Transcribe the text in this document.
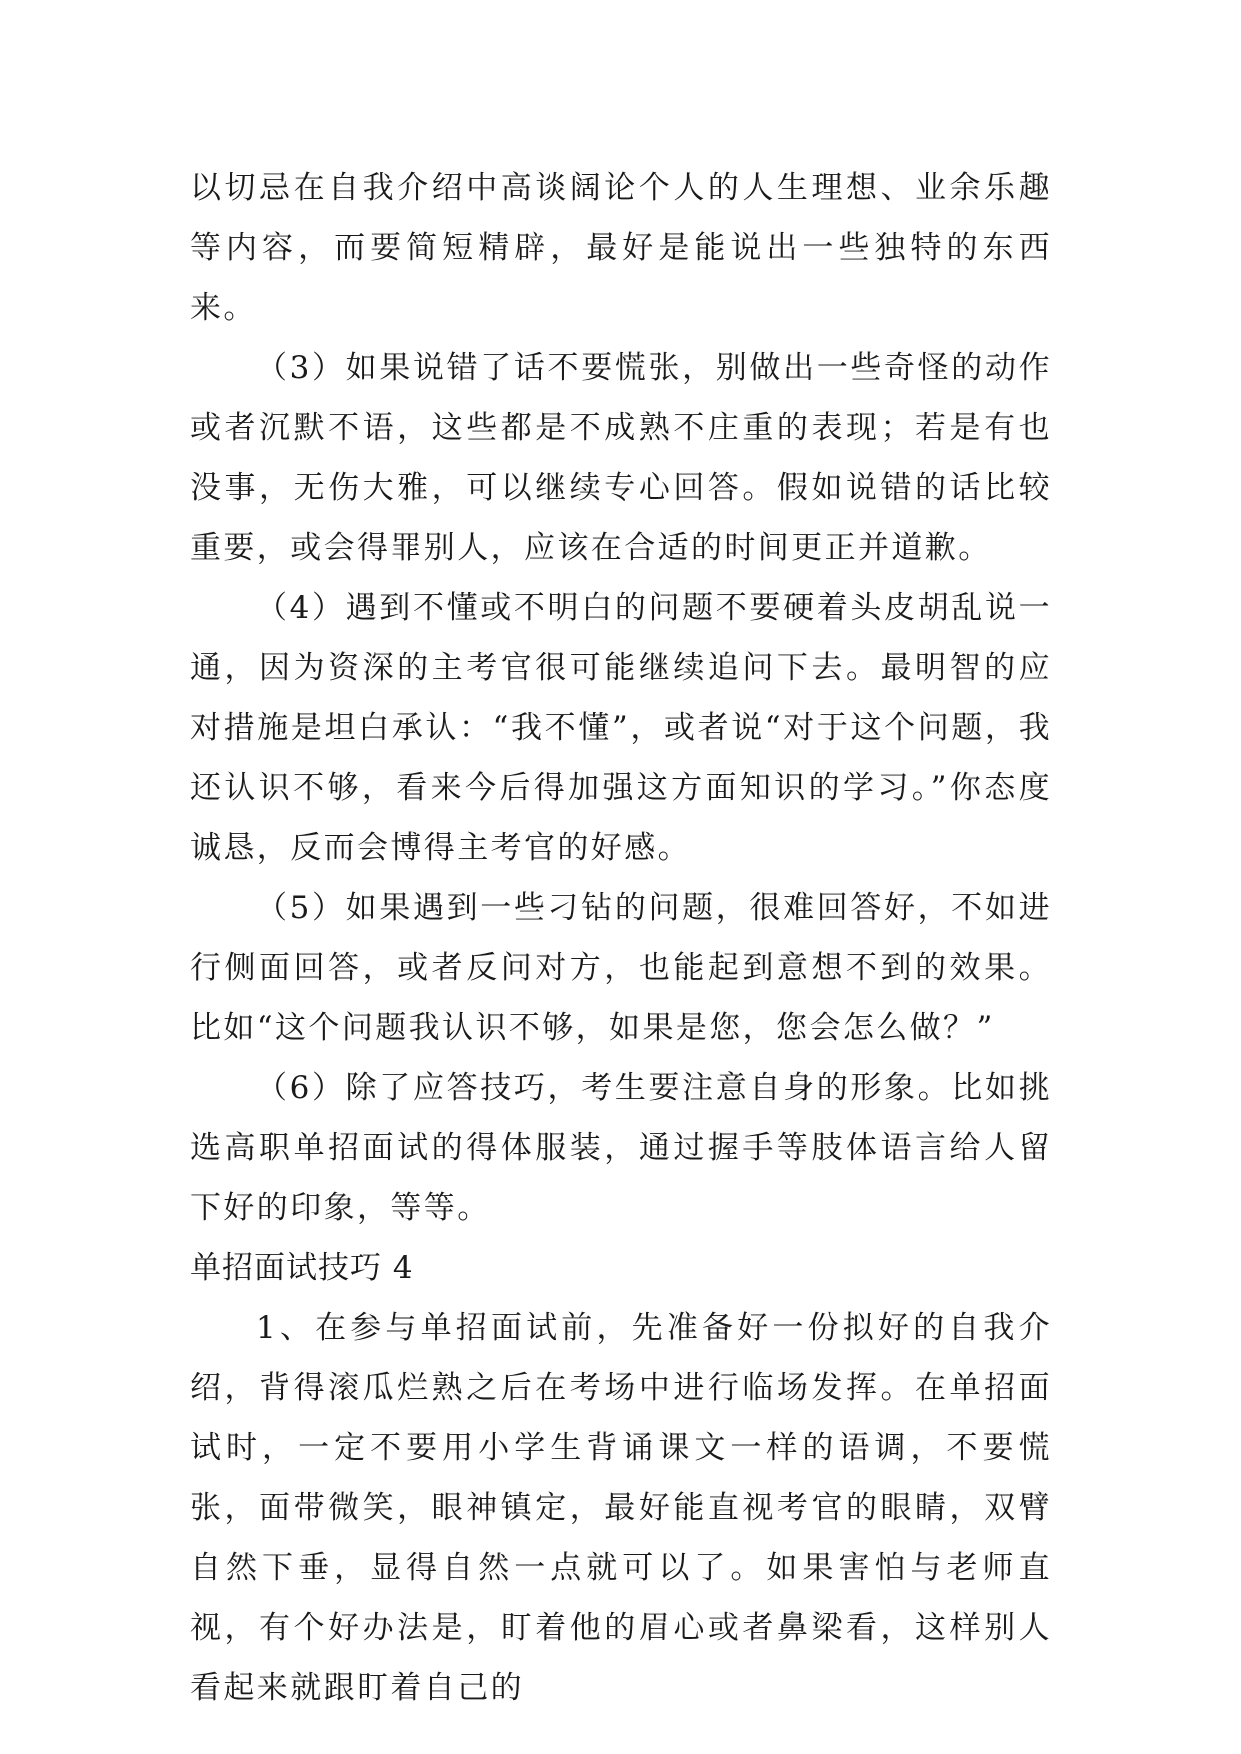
以切忌在自我介绍中高谈阔论个人的人生理想、业余乐趣等内容，而要简短精辟，最好是能说出一些独特的东西来。

（3）如果说错了话不要慌张，别做出一些奇怪的动作或者沉默不语，这些都是不成熟不庄重的表现；若是有也没事，无伤大雅，可以继续专心回答。假如说错的话比较重要，或会得罪别人，应该在合适的时间更正并道歉。

（4）遇到不懂或不明白的问题不要硬着头皮胡乱说一通，因为资深的主考官很可能继续追问下去。最明智的应对措施是坦白承认：“我不懂”，或者说“对于这个问题，我还认识不够，看来今后得加强这方面知识的学习。”你态度诚恳，反而会博得主考官的好感。

（5）如果遇到一些刁钻的问题，很难回答好，不如进行侧面回答，或者反问对方，也能起到意想不到的效果。比如“这个问题我认识不够，如果是您，您会怎么做？”

（6）除了应答技巧，考生要注意自身的形象。比如挑选高职单招面试的得体服装，通过握手等肢体语言给人留下好的印象，等等。

单招面试技巧 4

1、在参与单招面试前，先准备好一份拟好的自我介绍，背得滚瓜烂熟之后在考场中进行临场发挥。在单招面试时，一定不要用小学生背诵课文一样的语调，不要慌张，面带微笑，眼神镇定，最好能直视考官的眼睛，双臂自然下垂，显得自然一点就可以了。如果害怕与老师直视，有个好办法是，盯着他的眉心或者鼻梁看，这样别人看起来就跟盯着自己的
